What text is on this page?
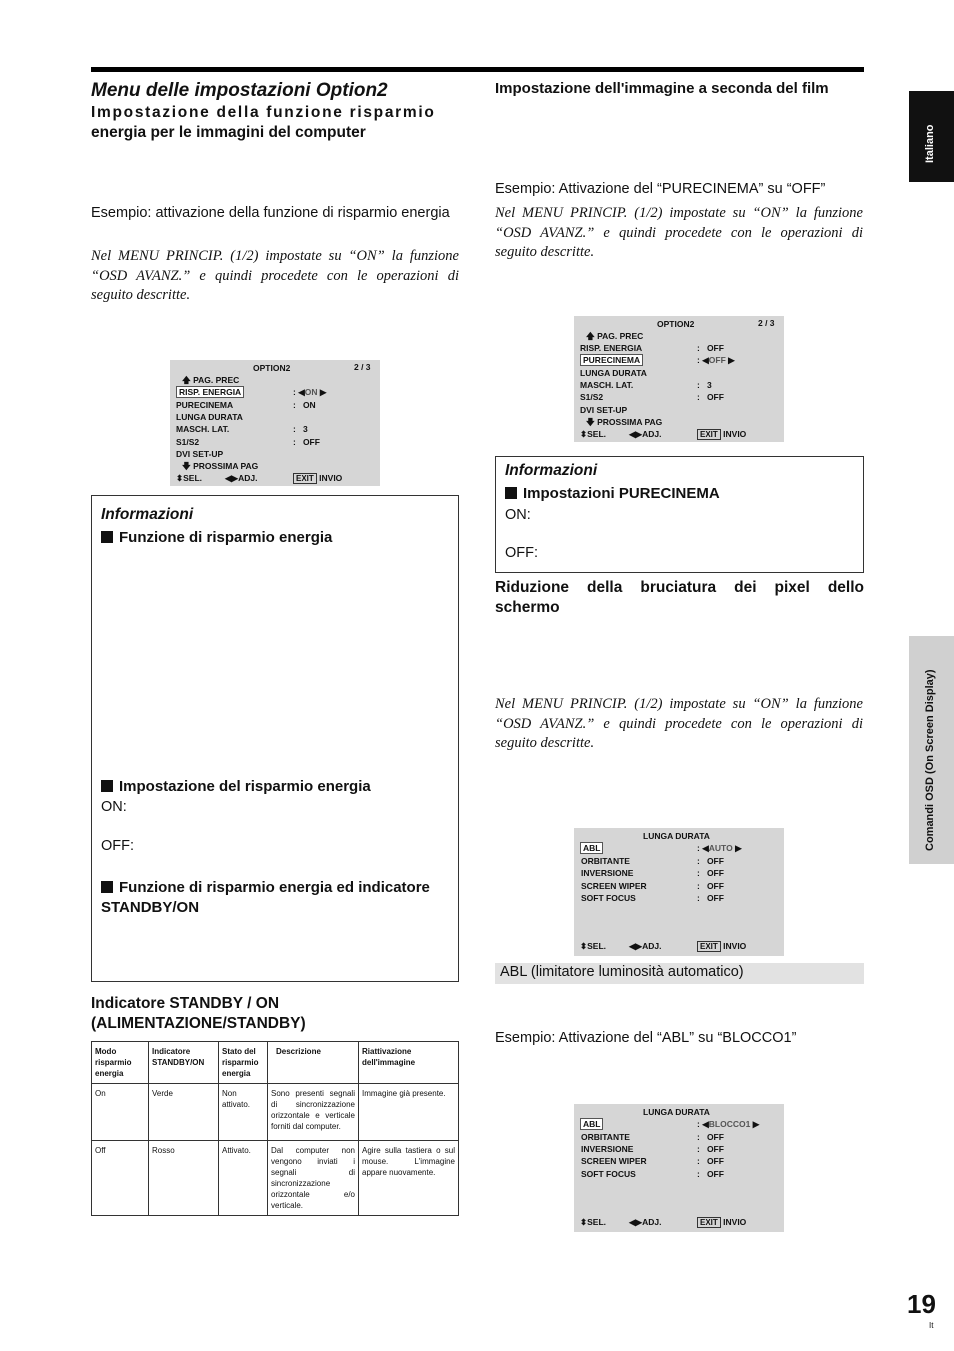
Menu delle impostazioni Option2
Impostazione della funzione risparmio
energia per le immagini del computer
Esempio: attivazione della funzione di risparmio energia
Nel MENU PRINCIP. (1/2) impostate su “ON” la funzione “OSD AVANZ.” e quindi procedete con le operazioni di seguito descritte.
OPTION2	2 / 3
🡅 PAG. PREC
RISP. ENERGIA	: ◀ON ▶
PURECINEMA	: ON
LUNGA DURATA
MASCH. LAT.	: 3
S1/S2	: OFF
DVI SET-UP
🡇 PROSSIMA PAG
⬍SEL.	◀▶ADJ.	EXIT INVIO
Informazioni
Funzione di risparmio energia
Impostazione del risparmio energia
ON:
OFF:
Funzione di risparmio energia ed indicatore STANDBY/ON
Indicatore STANDBY / ON
(ALIMENTAZIONE/STANDBY)
Modo risparmio energia	Indicatore STANDBY/ON	Stato del risparmio energia	Descrizione	Riattivazione dell'immagine
On	Verde	Non attivato.	Sono presenti segnali di sincronizzazione orizzontale e verticale forniti dal computer.	Immagine già presente.
Off	Rosso	Attivato.	Dal computer non vengono inviati i segnali di sincronizzazione orizzontale e/o verticale.	Agire sulla tastiera o sul mouse. L'immagine appare nuovamente.
Impostazione dell'immagine a seconda del film
Esempio: Attivazione del “PURECINEMA” su “OFF”
Nel MENU PRINCIP. (1/2) impostate su “ON” la funzione “OSD AVANZ.” e quindi procedete con le operazioni di seguito descritte.
OPTION2	2 / 3
🡅 PAG. PREC
RISP. ENERGIA	: OFF
PURECINEMA	: ◀OFF ▶
LUNGA DURATA
MASCH. LAT.	: 3
S1/S2	: OFF
DVI SET-UP
🡇 PROSSIMA PAG
⬍SEL.	◀▶ADJ.	EXIT INVIO
Informazioni
Impostazioni PURECINEMA
ON:
OFF:
Riduzione della bruciatura dei pixel dello schermo
Nel MENU PRINCIP. (1/2) impostate su “ON” la funzione “OSD AVANZ.” e quindi procedete con le operazioni di seguito descritte.
LUNGA DURATA
ABL	: ◀AUTO ▶
ORBITANTE	: OFF
INVERSIONE	: OFF
SCREEN WIPER	: OFF
SOFT FOCUS	: OFF
⬍SEL.	◀▶ADJ.	EXIT INVIO
ABL (limitatore luminosità automatico)
Esempio: Attivazione del “ABL” su “BLOCCO1”
LUNGA DURATA
ABL	: ◀BLOCCO1 ▶
ORBITANTE	: OFF
INVERSIONE	: OFF
SCREEN WIPER	: OFF
SOFT FOCUS	: OFF
⬍SEL.	◀▶ADJ.	EXIT INVIO
Italiano
Comandi OSD (On Screen Display)
19
It
